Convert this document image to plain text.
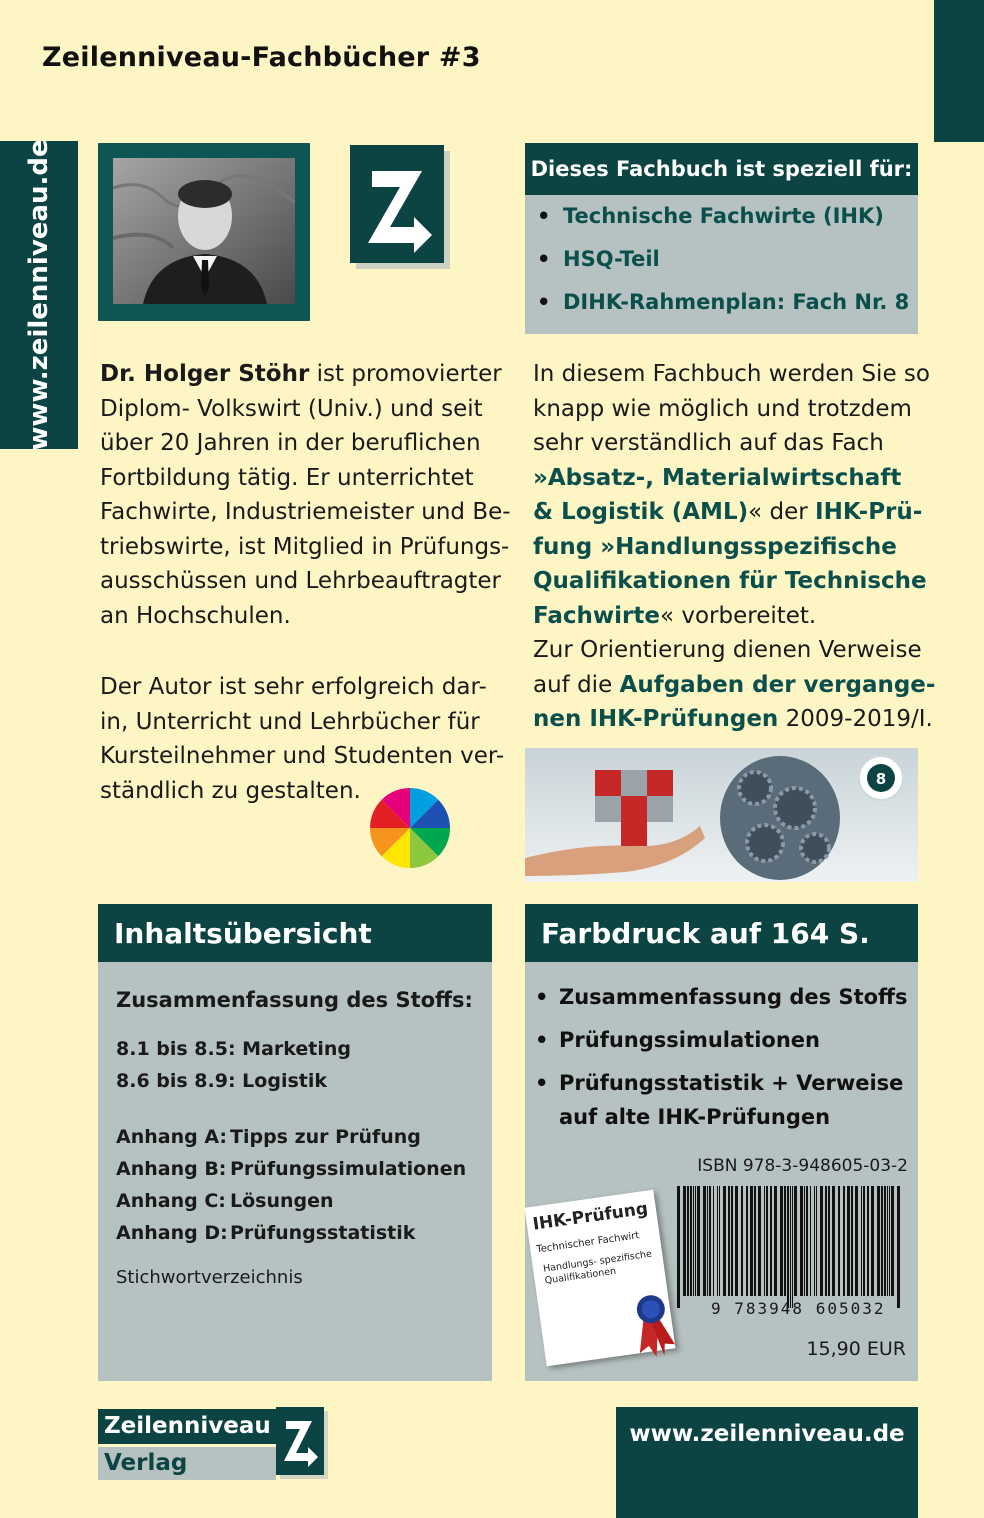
Zeilenniveau-Fachbücher #3
www.zeilenniveau.de Dr. Holger Stöhr ist promovierter
Diplom- Volkswirt (Univ.) und seit
über 20 Jahren in der beruflichen
Fortbildung tätig. Er unterrichtet
Fachwirte, Industriemeister und Be-
triebswirte, ist Mitglied in Prüfungs-
ausschüssen und Lehrbeauftragter
an Hochschulen.
Der Autor ist sehr erfolgreich dar-
in, Unterricht und Lehrbücher für
Kursteilnehmer und Studenten ver-
ständlich zu gestalten.
Dieses Fachbuch ist speziell für:
• Technische Fachwirte (IHK)
• HSQ-Teil
• DIHK-Rahmenplan: Fach Nr. 8
In diesem Fachbuch werden Sie so
knapp wie möglich und trotzdem
sehr verständlich auf das Fach
»Absatz-, Materialwirtschaft
& Logistik (AML)« der IHK-Prü-
fung »Handlungsspezifische
Qualifikationen für Technische
Fachwirte« vorbereitet.
Zur Orientierung dienen Verweise
auf die Aufgaben der vergange-
nen IHK-Prüfungen 2009-2019/I.
8
Inhaltsübersicht
Zusammenfassung des Stoffs:
8.1 bis 8.5: Marketing
8.6 bis 8.9: Logistik
Anhang A: Tipps zur Prüfung
Anhang B: Prüfungssimulationen
Anhang C: Lösungen
Anhang D: Prüfungsstatistik
Stichwortverzeichnis
Farbdruck auf 164 S.
• Zusammenfassung des Stoffs
• Prüfungssimulationen
• Prüfungsstatistik + Verweise
auf alte IHK-Prüfungen
ISBN 978-3-948605-03-2
9 783948 605032
15,90 EUR
IHK-Prüfung
Technischer Fachwirt
Handlungs- spezifische Qualifikationen
Zeilenniveau
Verlag
www.zeilenniveau.de
